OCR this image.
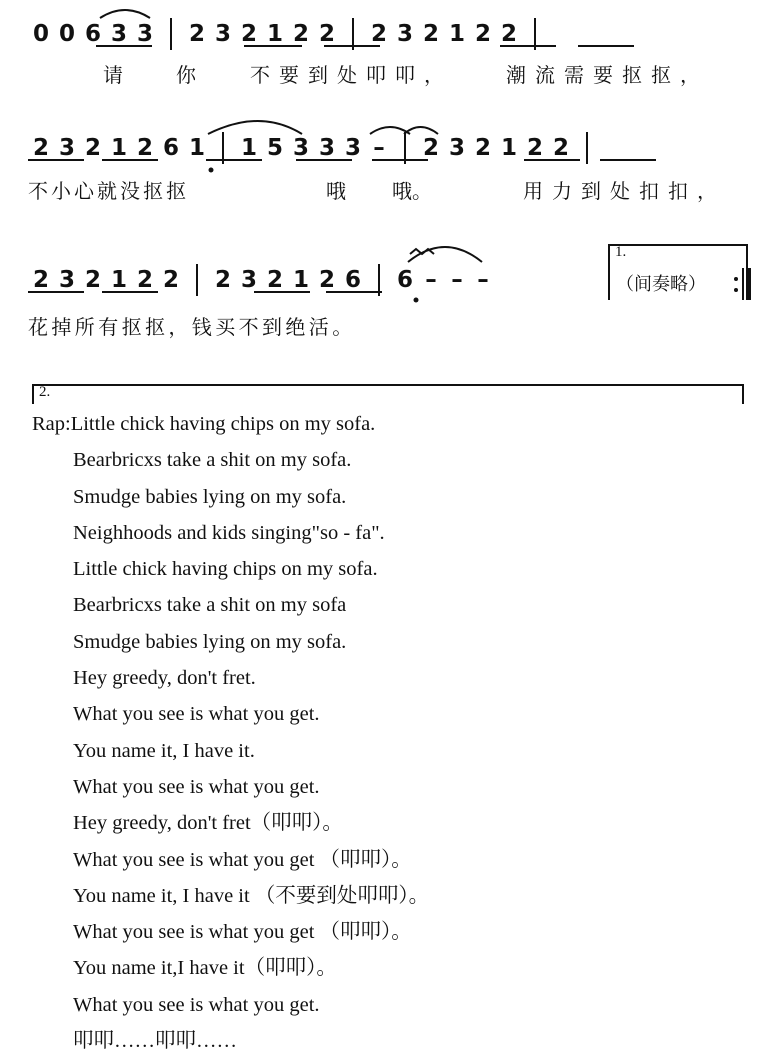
0 0 6 3 3 2 3 2 1 2 2 2 3 2 1 2 2

请

	你

	不要到处叩叩，

	潮流需要抠抠，

2 3 2 1 2 6 1 1 5 3 3 3 –	2 3 2 1 2 2

不小心就没抠抠

	哦

哦。

	用力到处扣扣，

2 3 2 1 2 2 2 3 2 1 2 6 6 – – –
1.
（间奏略）

花掉所有抠抠，钱买不到绝活。

2.
Rap:Little chick having chips on my sofa.
Bearbricxs take a shit on my sofa.
Smudge babies lying on my sofa.
Neighhoods and kids singing"so - fa".
Little chick having chips on my sofa.
Bearbricxs take a shit on my sofa
Smudge babies lying on my sofa.
Hey greedy, don't fret.
What you see is what you get.
You name it, I have it.
What you see is what you get.
Hey greedy, don't fret（叩叩）。
What you see is what you get （叩叩）。
You name it, I have it （不要到处叩叩）。
What you see is what you get （叩叩）。
You name it,I have it（叩叩）。
What you see is what you get.
叩叩……叩叩……
